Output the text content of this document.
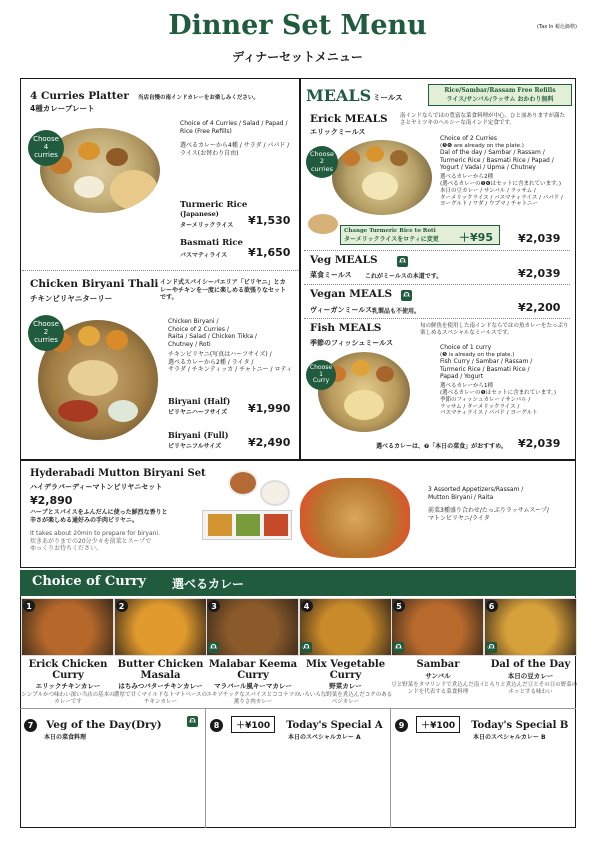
Dinner Set Menu
ディナーセットメニュー
(Tax In 税込価格)
4 Curries Platter
4種カレープレート
当店自慢の南インドカレーをお楽しみください。
Choose
4
curries
Choice of 4 Curries / Salad / Papad / Rice (Free Refills)
選べるカレーから4種 / サラダ / パパド / ライス(お替わり自由)
Turmeric Rice
(Japanese)
ターメリックライス ¥1,530
Basmati Rice
バスマティライス ¥1,650
Chicken Biryani Thali
チキンビリヤニターリー
インド式スパイシーパエリア「ビリヤニ」とカレーやチキンを一度に楽しめる欲張りなセットです。
Choose
2
curries
Chicken Biryani /
Choice of 2 Curries /
Raita / Salad / Chicken Tikka /
Chutney / Roti
チキンビリヤニ(写真はハーフサイズ) /
選べるカレーから2種 / ライタ /
サラダ / チキンティッカ / チャトニー / ロティ
Biryani (Half)
ビリヤニハーフサイズ ¥1,990
Biryani (Full)
ビリヤニフルサイズ ¥2,490
MEALS ミールス
Rice/Sambar/Rassam Free Refills
ライス/サンバル/ラッサム おかわり無料
Erick MEALS
エリックミールス
南インドならではの豊富な菜食料理が中心。ひと皿ありますが満たさとヤミツキのヘルシーな南インド定食です。
Choose
2
curries
Choice of 2 Curries
(❺❻ are already on the plate.)
Dal of the day / Sambar / Rassam /
Turmeric Rice / Basmati Rice / Papad /
Yogurt / Vadai / Upma / Chutney
選べるカレーから2種
(選べるカレーの❺❻はセットに含まれています。)
本日の豆カレー / サンバル / ラッサム /
ターメリックライス / バスマティライス / パパド /
ヨーグルト / ワダ / ウプマ / チャトニー
Change Turmeric Rice to Roti
ターメリックライスをロティに変更	＋¥95 ¥2,039
Veg MEALS	VEG
菜食ミールス これがミールスの本道です。	¥2,039
Vegan MEALS	VEG
ヴィーガンミールス 乳製品も不使用。	¥2,200
Fish MEALS
季節のフィッシュミールス
旬の鮮魚を使用した南インドならではの魚カレーをたっぷり楽しめるスペシャルなミールスです。
Choose
1
Curry
Choice of 1 curry
(❺ is already on the plate.)
Fish Curry / Sambar / Rassam /
Turmeric Rice / Basmati Rice /
Papad / Yogurt
選べるカレーから1種
(選べるカレーの❺はセットに含まれています。)
季節のフィッシュカレー / サンバル /
ラッサム / ターメリックライス /
バスマティライス / パパド / ヨーグルト
選べるカレーは、❼「本日の菜食」がおすすめ。 ¥2,039
Hyderabadi Mutton Biryani Set
ハイデラバーディーマトンビリヤニセット
¥2,890
ハーブとスパイスをふんだんに使った鮮烈な香りと
辛さが楽しめる通好みの手肉ビリヤニ。
It takes about 20min to prepare for biryani.
炊きあがりまでの20分少々を前菜とスープで
ゆっくりお待ちください。
3 Assorted Appetizers/Rassam /
Mutton Biryani / Raita
前菜3種盛り合わせ/たっぷりラッサムスープ/
マトンビリヤニ/ライタ
Choice of Curry 選べるカレー
1
Erick Chicken Curry
エリックチキンカレー
シンプルかつ味わい深い当店の基本のカレーです
2
Butter Chicken Masala
はちみつバターチキンカレー
濃厚で甘くマイルドなトマトベースのチキンカレー
3
VEG
Malabar Keema Curry
マラバール風キーマカレー
エキゾチックなスパイスとココナツの薫りさ肉カレー
4
VEG
Mix Vegetable Curry
野菜カレー
いろいろな野菜を煮込んだコクのあるベジカレー
5
VEG
Sambar
サンバル
豆と野菜をタマリンドで煮込んだ南インドを代表する菜食料理
6
VEG
Dal of the Day
本日の豆カレー
とろりと煮込んだ豆とその日の野菜のホッとする味わい
7 Veg of the Day(Dry)
本日の菜食料理
VEG	8 ＋¥100 Today's Special A
本日のスペシャルカレー A
9 ＋¥100 Today's Special B
本日のスペシャルカレー B
